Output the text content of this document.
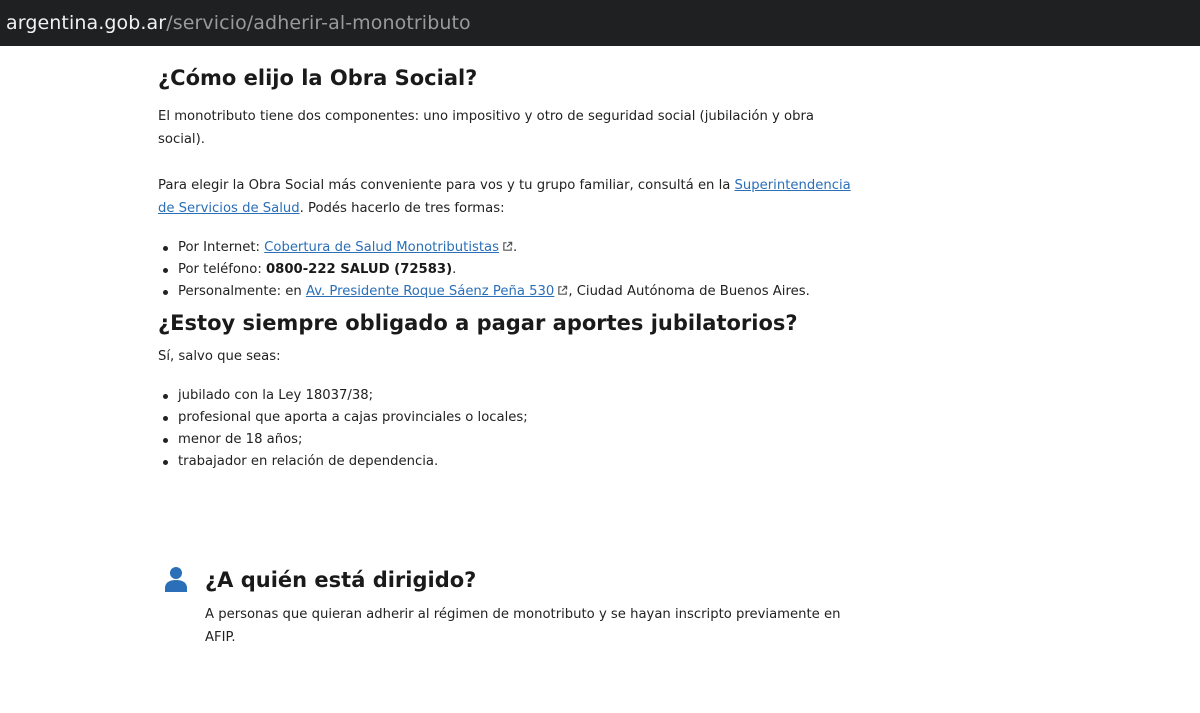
argentina.gob.ar/servicio/adherir-al-monotributo
¿Cómo elijo la Obra Social?

El monotributo tiene dos componentes: uno impositivo y otro de seguridad social (jubilación y obra social).

Para elegir la Obra Social más conveniente para vos y tu grupo familiar, consultá en la Superintendencia de Servicios de Salud. Podés hacerlo de tres formas:

Por Internet: Cobertura de Salud Monotributistas .
Por teléfono: 0800-222 SALUD (72583).
Personalmente: en Av. Presidente Roque Sáenz Peña 530 , Ciudad Autónoma de Buenos Aires.
¿Estoy siempre obligado a pagar aportes jubilatorios?

Sí, salvo que seas:

jubilado con la Ley 18037/38;
profesional que aporta a cajas provinciales o locales;
menor de 18 años;
trabajador en relación de dependencia.
¿A quién está dirigido?

A personas que quieran adherir al régimen de monotributo y se hayan inscripto previamente en AFIP.
